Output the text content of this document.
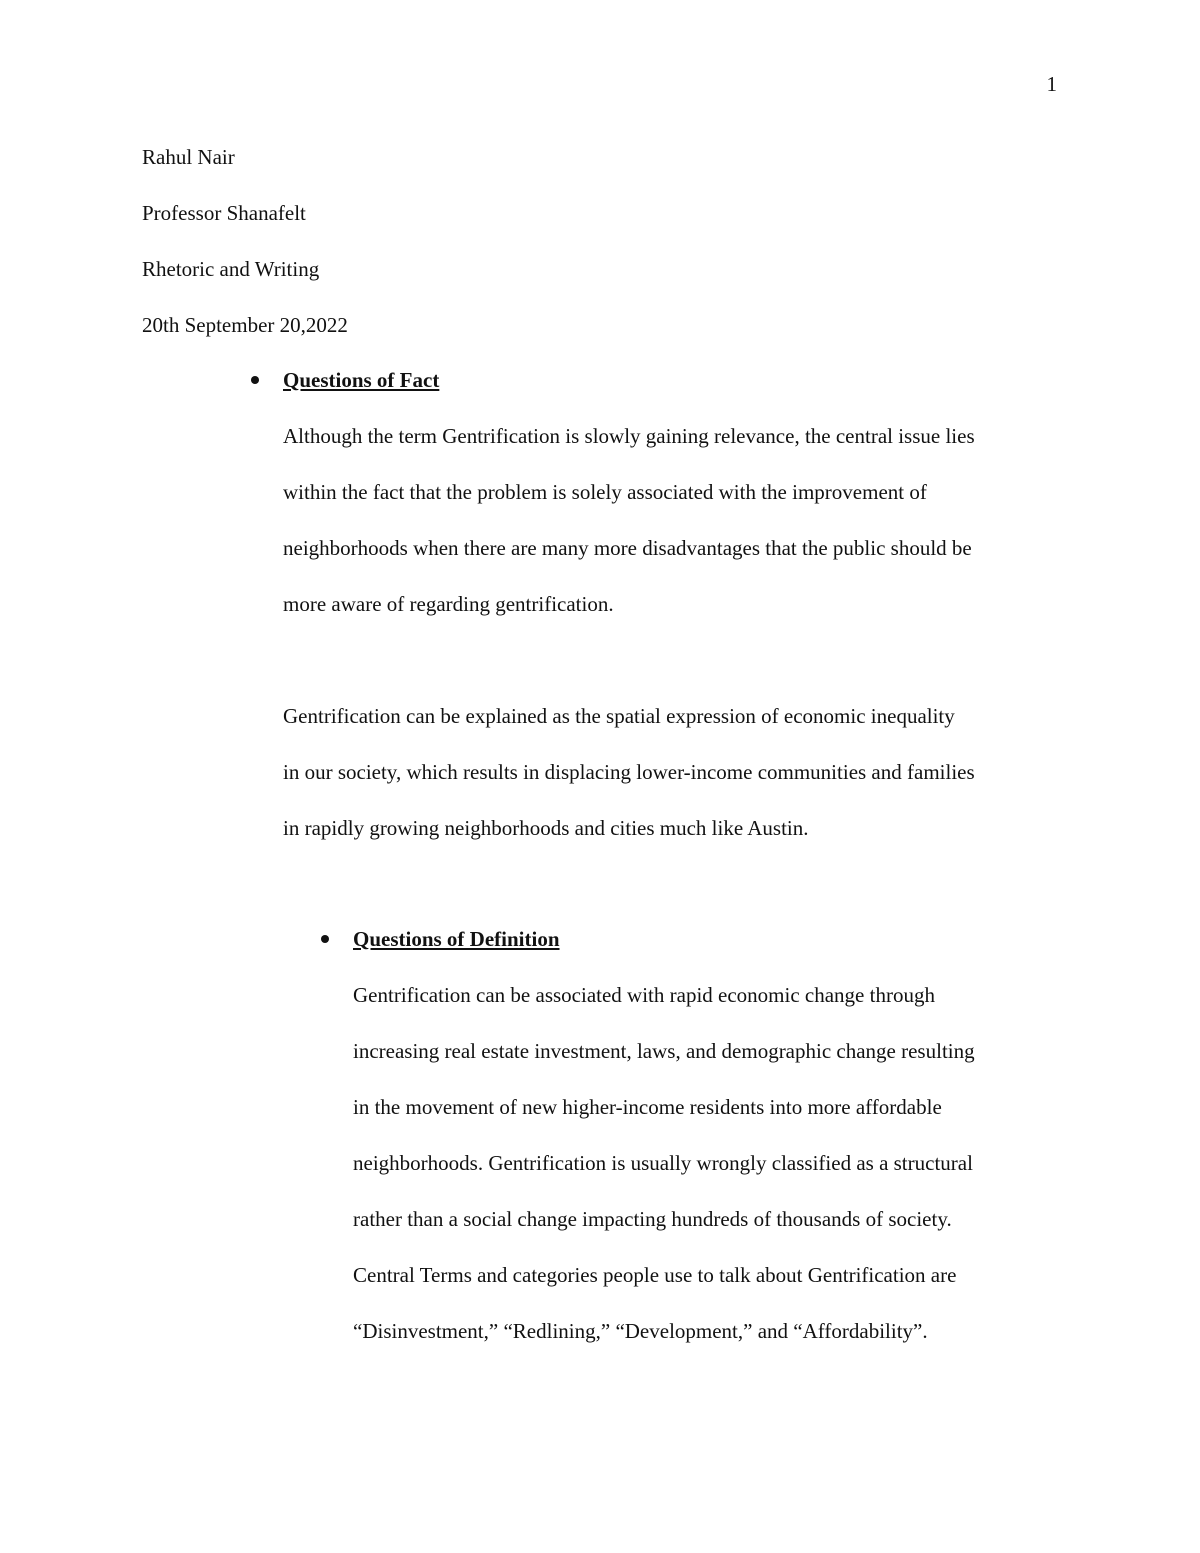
1
Rahul Nair
Professor Shanafelt
Rhetoric and Writing
20th September 20,2022
Questions of Fact
Although the term Gentrification is slowly gaining relevance, the central issue lies
within the fact that the problem is solely associated with the improvement of
neighborhoods when there are many more disadvantages that the public should be
more aware of regarding gentrification.
Gentrification can be explained as the spatial expression of economic inequality
in our society, which results in displacing lower-income communities and families
in rapidly growing neighborhoods and cities much like Austin.
Questions of Definition
Gentrification can be associated with rapid economic change through
increasing real estate investment, laws, and demographic change resulting
in the movement of new higher-income residents into more affordable
neighborhoods. Gentrification is usually wrongly classified as a structural
rather than a social change impacting hundreds of thousands of society.
Central Terms and categories people use to talk about Gentrification are
“Disinvestment,” “Redlining,” “Development,” and “Affordability”.
